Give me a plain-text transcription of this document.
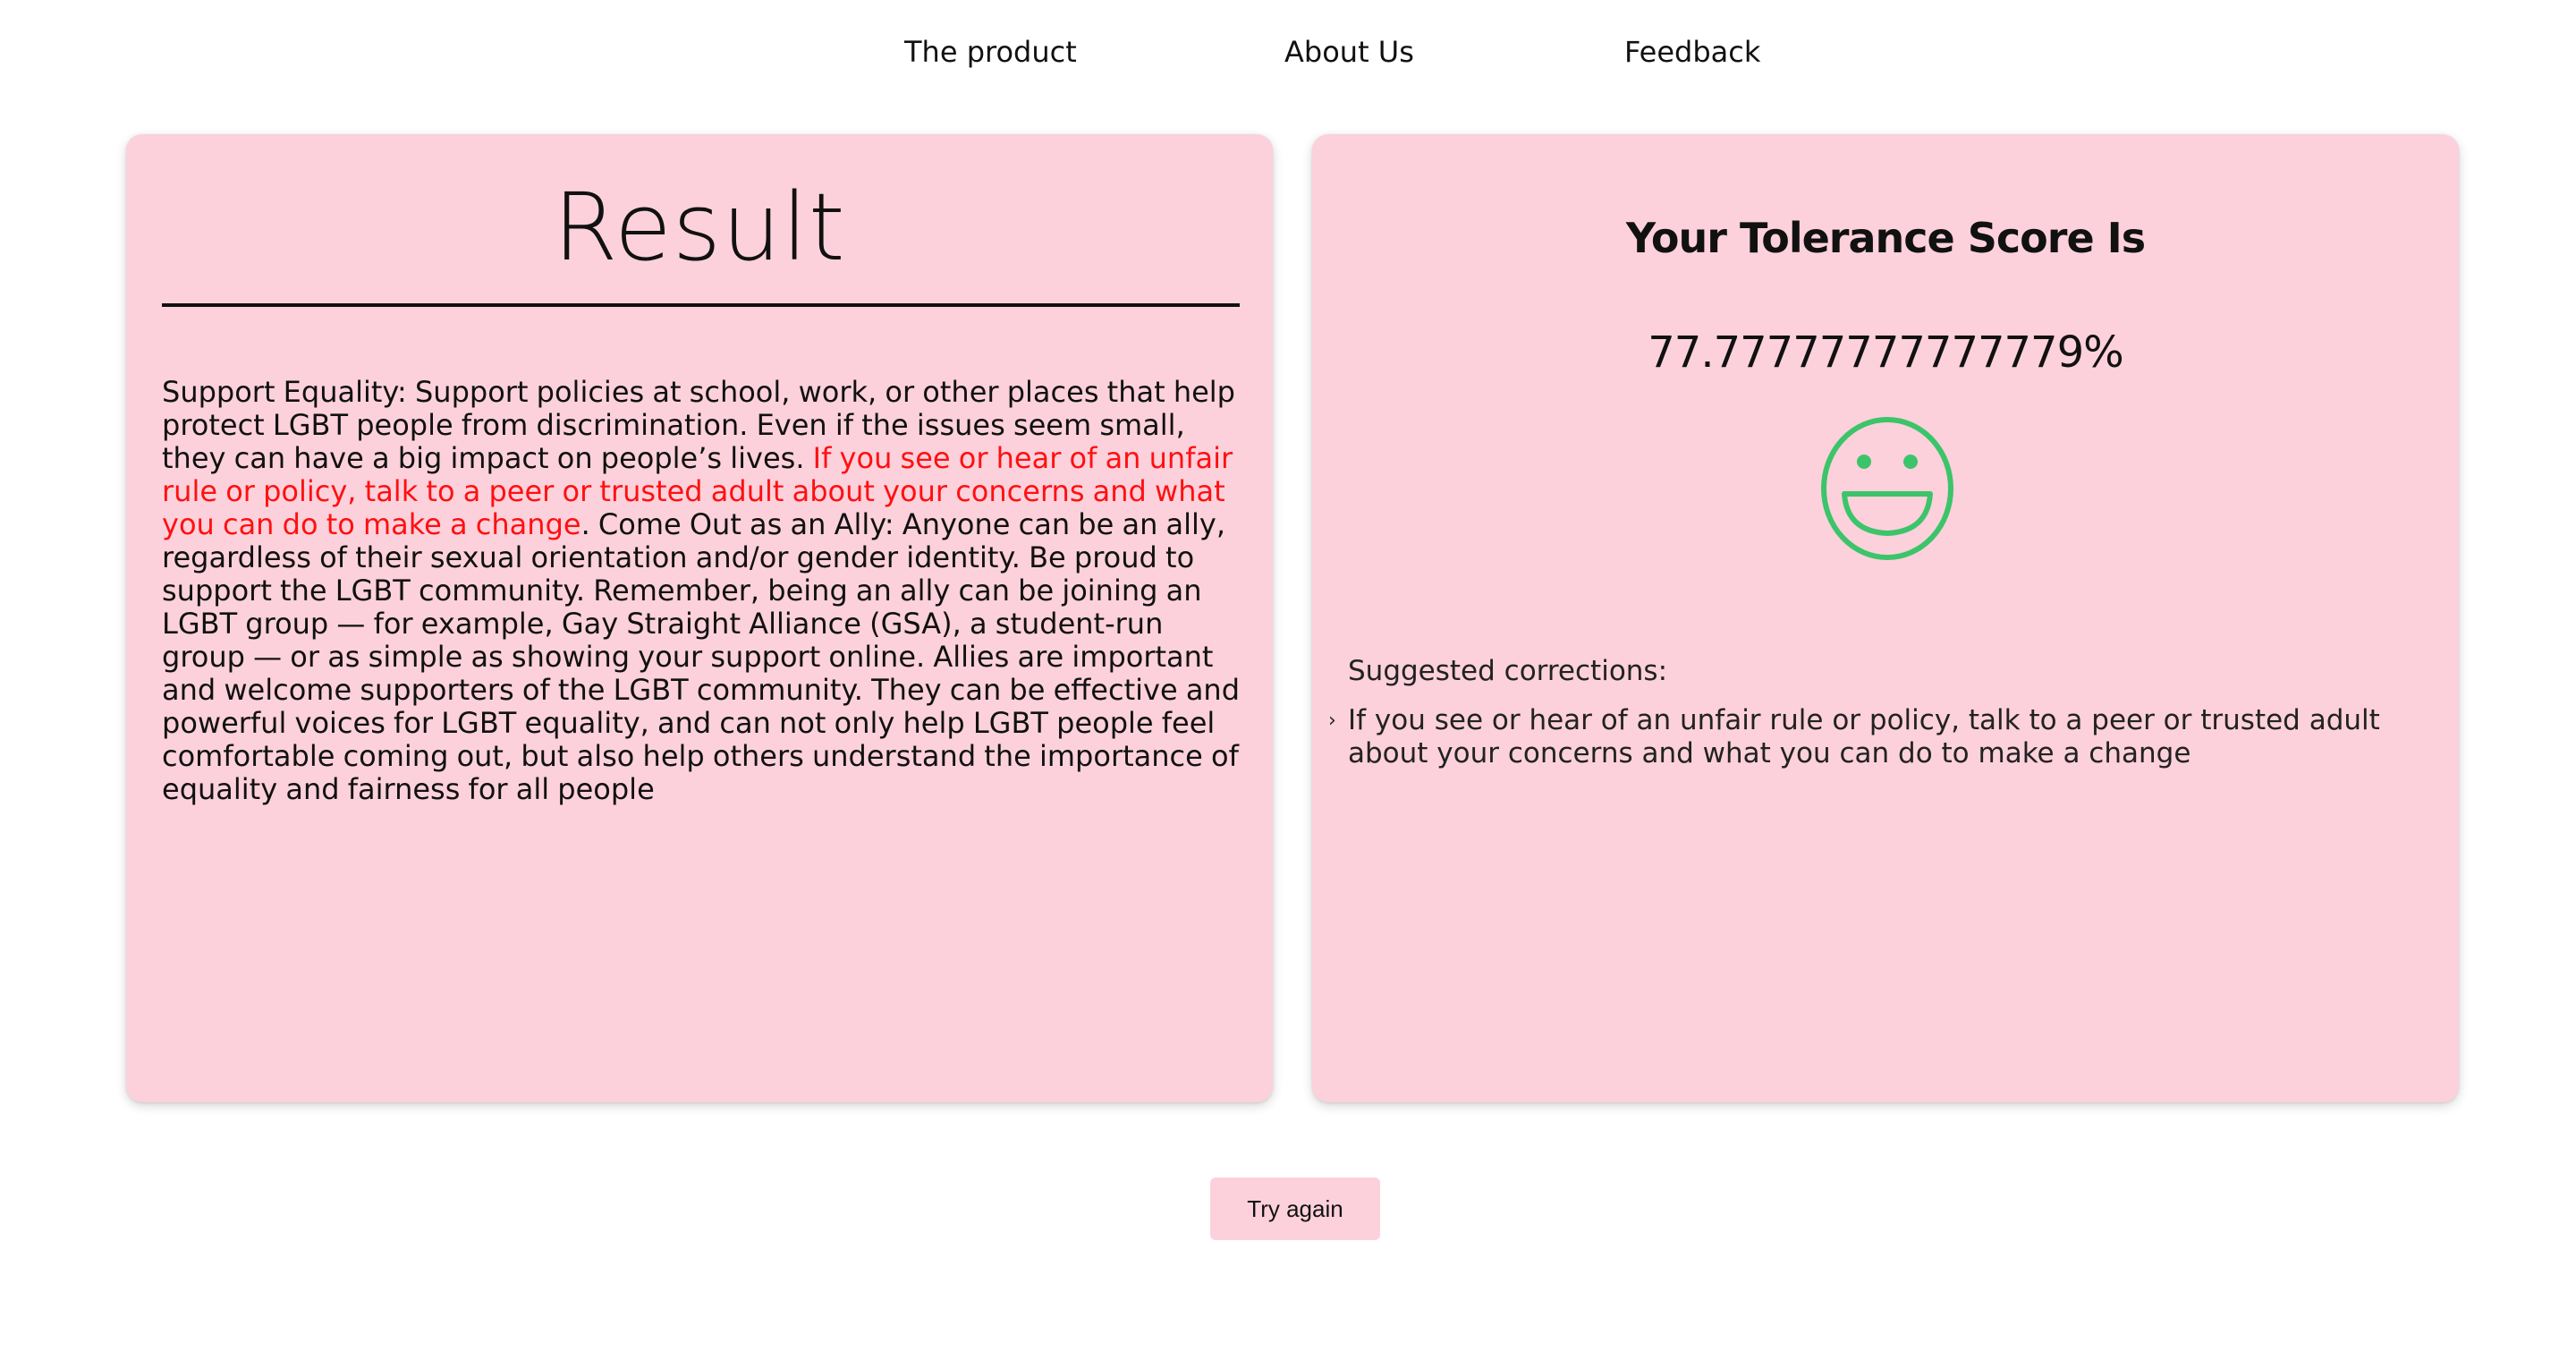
The product	About Us	Feedback
Result
Support Equality: Support policies at school, work, or other places that help protect LGBT people from discrimination. Even if the issues seem small, they can have a big impact on people’s lives. If you see or hear of an unfair rule or policy, talk to a peer or trusted adult about your concerns and what you can do to make a change. Come Out as an Ally: Anyone can be an ally, regardless of their sexual orientation and/or gender identity. Be proud to support the LGBT community. Remember, being an ally can be joining an LGBT group — for example, Gay Straight Alliance (GSA), a student-run group — or as simple as showing your support online. Allies are important and welcome supporters of the LGBT community. They can be effective and powerful voices for LGBT equality, and can not only help LGBT people feel comfortable coming out, but also help others understand the importance of equality and fairness for all people
Your Tolerance Score Is
77.77777777777779%
Suggested corrections:
› If you see or hear of an unfair rule or policy, talk to a peer or trusted adult about your concerns and what you can do to make a change
Try again
